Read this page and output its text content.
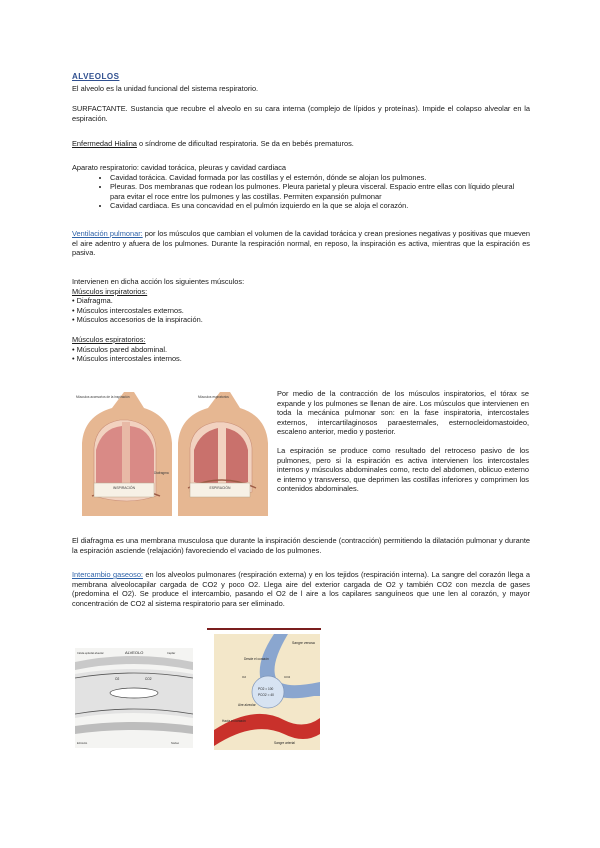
ALVEOLOS

El alveolo es la unidad funcional del sistema respiratorio.

SURFACTANTE. Sustancia que recubre el alveolo en su cara interna (complejo de lípidos y proteínas). Impide el colapso alveolar en la espiración.

Enfermedad Hialina o síndrome de dificultad respiratoria. Se da en bebés prematuros.

Aparato respiratorio: cavidad torácica, pleuras y cavidad cardiaca

• Cavidad torácica. Cavidad formada por las costillas y el esternón, dónde se alojan los pulmones.
• Pleuras. Dos membranas que rodean los pulmones. Pleura parietal y pleura visceral. Espacio entre ellas con líquido pleural para evitar el roce entre los pulmones y las costillas. Permiten expansión pulmonar
• Cavidad cardiaca. Es una concavidad en el pulmón izquierdo en la que se aloja el corazón.

Ventilación pulmonar: por los músculos que cambian el volumen de la cavidad torácica y crean presiones negativas y positivas que mueven el aire adentro y afuera de los pulmones. Durante la respiración normal, en reposo, la inspiración es activa, mientras que la espiración es pasiva.

Intervienen en dicha acción los siguientes músculos:

Músculos inspiratorios:

• Diafragma.

• Músculos intercostales externos.

• Músculos accesorios de la inspiración.

Músculos espiratorios:

• Músculos pared abdominal.

• Músculos intercostales internos.

INSPIRACIÓN
Músculos accesorios de la inspiración
Diafragma
ESPIRACIÓN
Músculos espiratorios	Por medio de la contracción de los músculos inspiratorios, el tórax se expande y los pulmones se llenan de aire. Los músculos que intervienen en toda la mecánica pulmonar son: en la fase inspiratoria, intercostales externos, intercartilaginosos paraesternales, esternocleidomastoideo, escaleno anterior, medio y posterior.

La espiración se produce como resultado del retroceso pasivo de los pulmones, pero si la espiración es activa intervienen los intercostales internos y músculos abdominales como, recto del abdomen, oblicuo externo e interno y transverso, que deprimen las costillas inferiores y comprimen los contenidos abdominales.

El diafragma es una membrana musculosa que durante la inspiración desciende (contracción) permitiendo la dilatación pulmonar y durante la espiración asciende (relajación) favoreciendo el vaciado de los pulmones.

Intercambio gaseoso: en los alveolos pulmonares (respiración externa) y en los tejidos (respiración interna). La sangre del corazón llega a membrana alveolocapilar cargada de CO2 y poco O2. Llega aire del exterior cargada de O2 y también CO2 con mezcla de gases (predomina el O2). Se produce el intercambio, pasando el O2 de l aire a los capilares sanguíneos que une len al corazón, y mayor concentración de CO2 al sistema respiratorio para ser eliminado.

ALVEOLO
Célula epitelial alveolar	Capilar
O2	CO2
Eritrocito	Núcleo
Sangre venosa
Desde el corazón
PO2 = 100
PCO2 = 40
Aire alveolar
Hacia el corazón
Sangre arterial
O2	CO2
